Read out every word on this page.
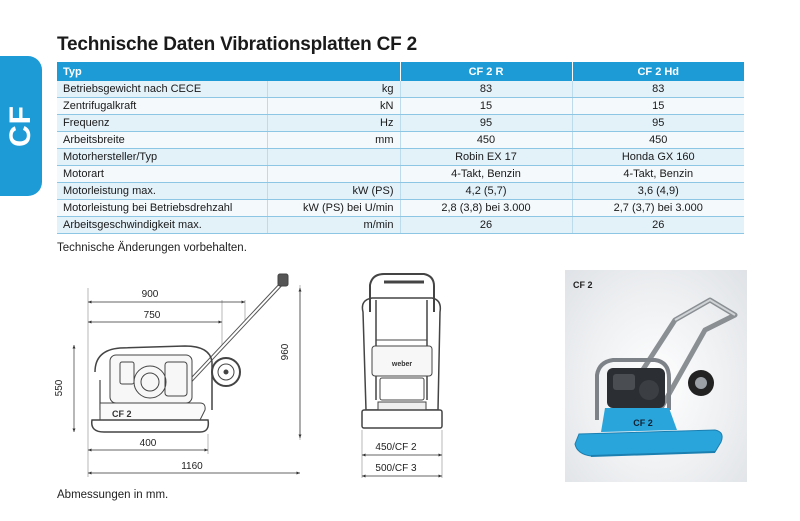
CF
Technische Daten Vibrationsplatten CF 2
Typ		CF 2 R	CF 2 Hd
Betriebsgewicht nach CECE	kg	83	83
Zentrifugalkraft	kN	15	15
Frequenz	Hz	95	95
Arbeitsbreite	mm	450	450
Motorhersteller/Typ		Robin EX 17	Honda GX 160
Motorart		4-Takt, Benzin	4-Takt, Benzin
Motorleistung max.	kW (PS)	4,2 (5,7)	3,6 (4,9)
Motorleistung bei Betriebsdrehzahl	kW (PS) bei U/min	2,8 (3,8) bei 3.000	2,7 (3,7) bei 3.000
Arbeitsgeschwindigkeit max.	m/min	26	26

Technische Änderungen vorbehalten.

900
750
960
550
400
1160
CF 2
weber
450/CF 2
500/CF 3

CF 2

CF 2

Abmessungen in mm.
